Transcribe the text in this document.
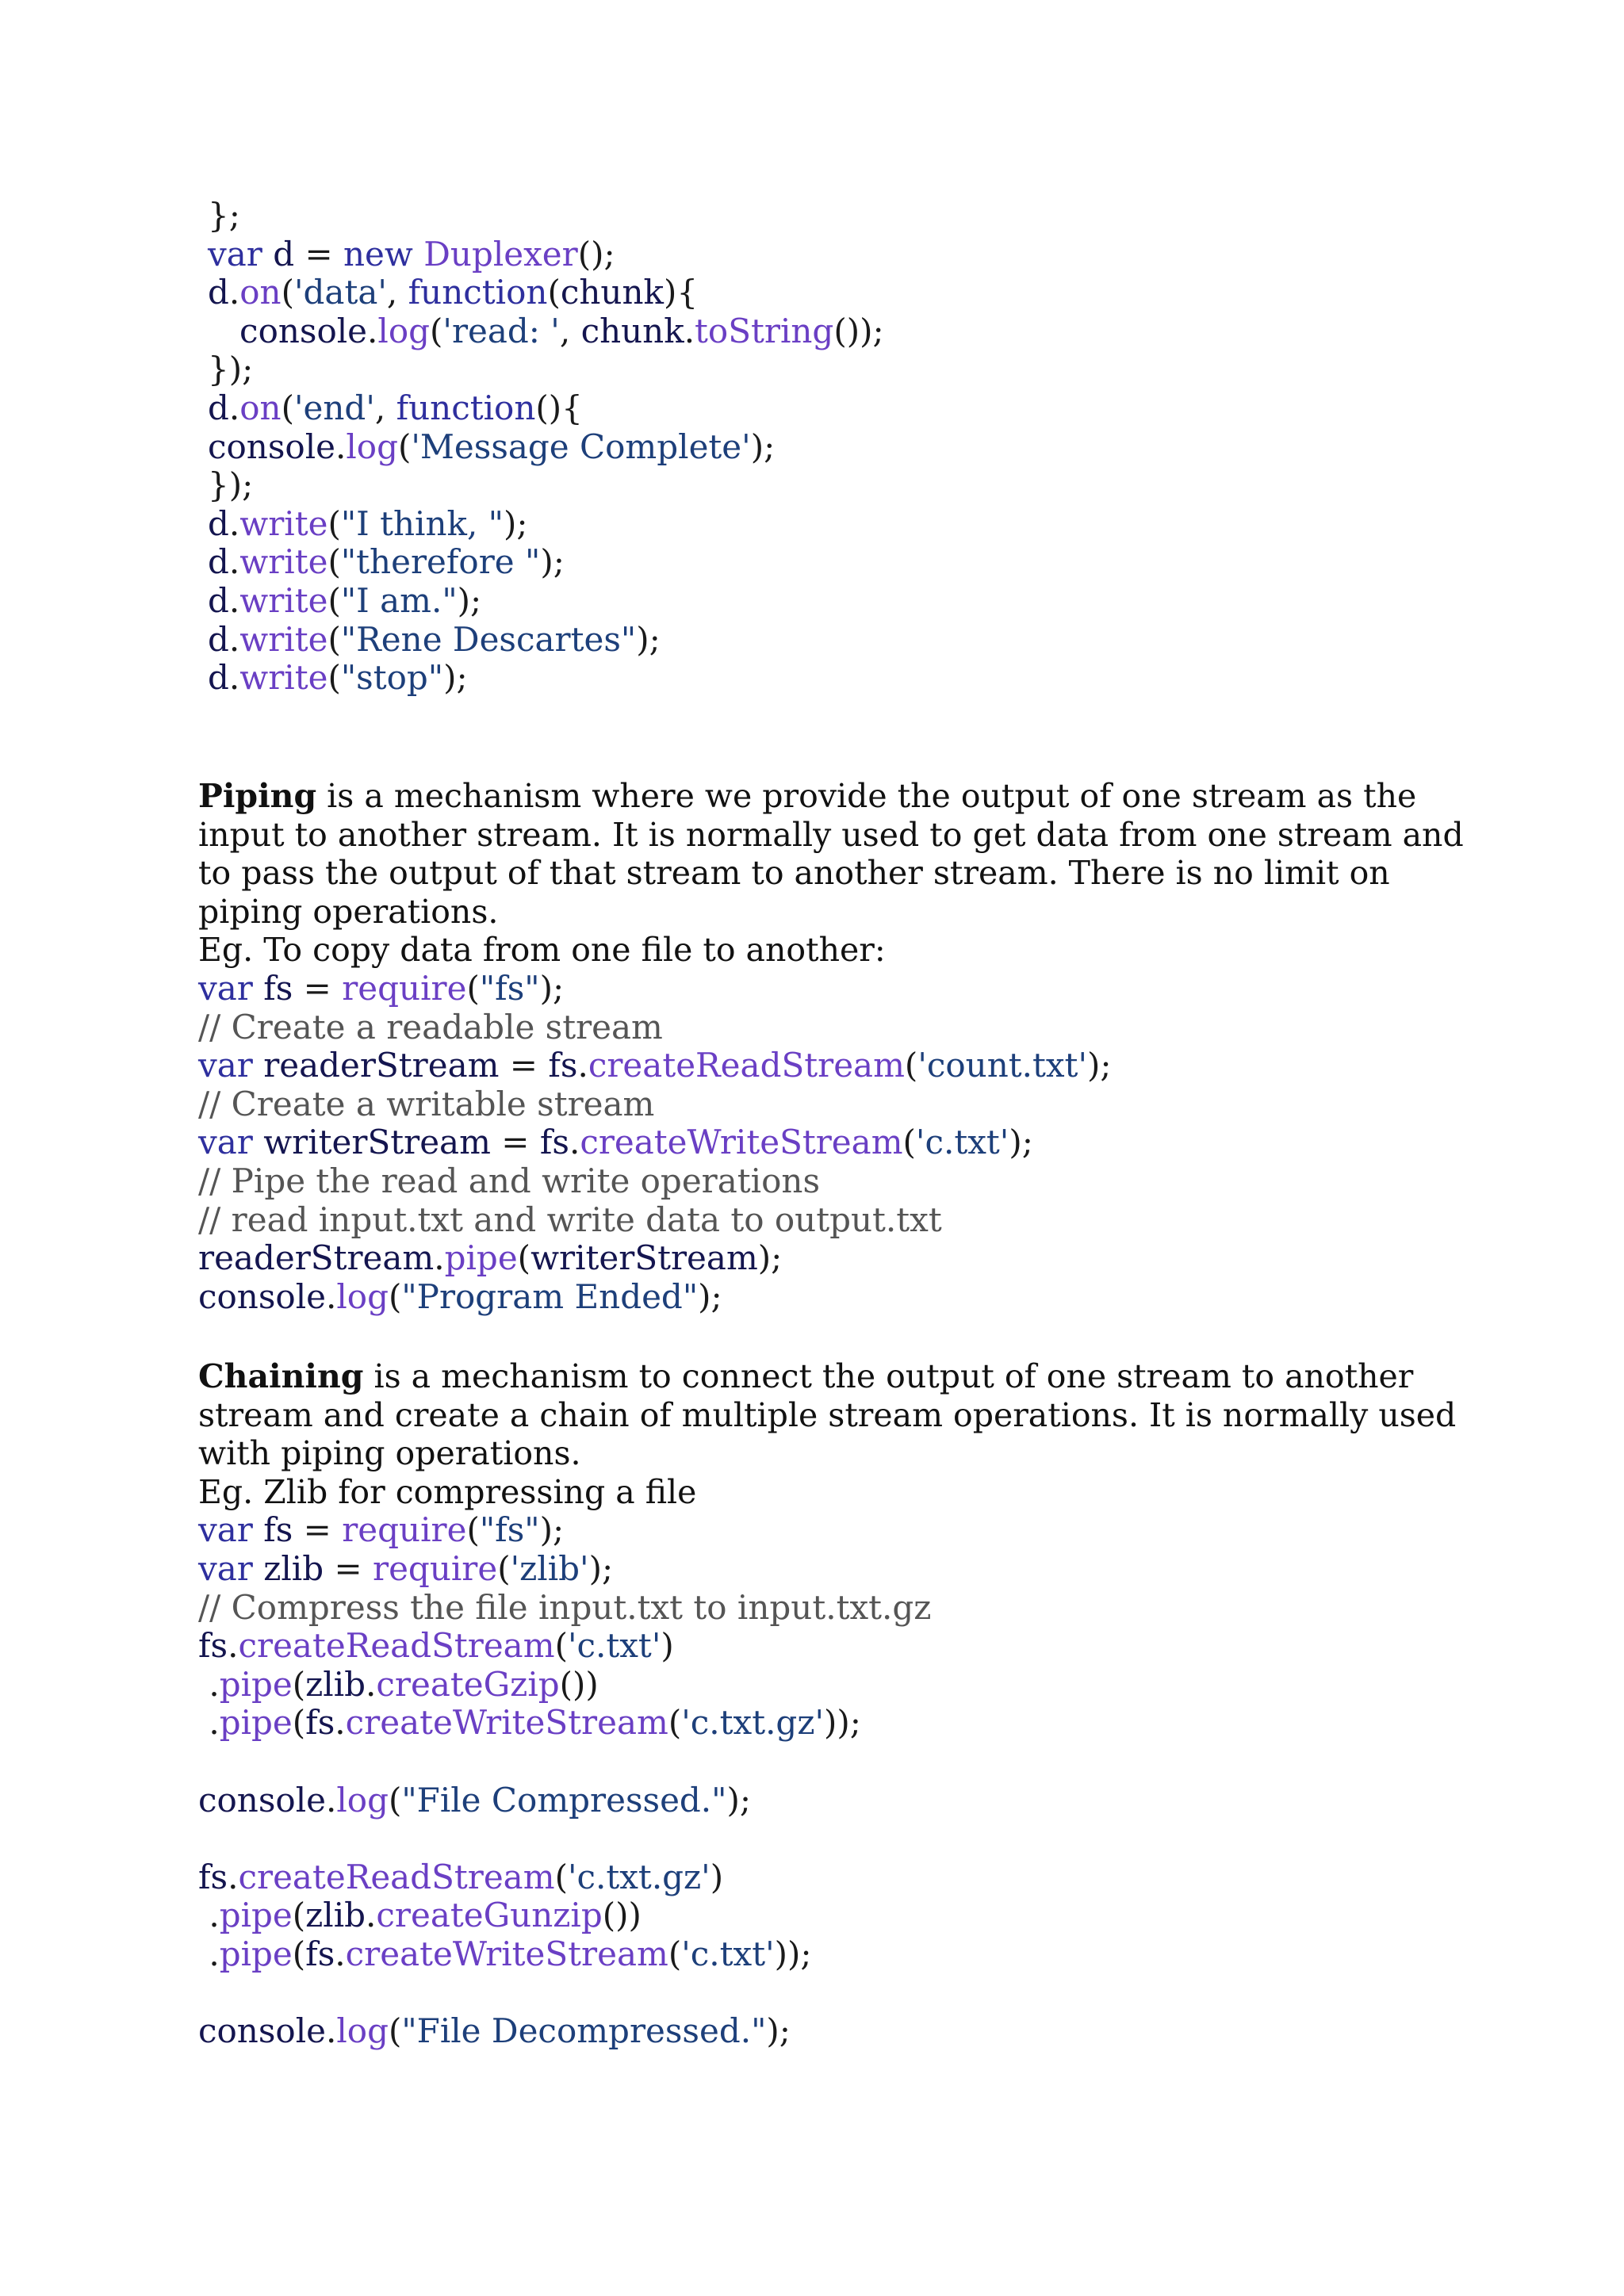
};
var d = new Duplexer();
d.on('data', function(chunk){
console.log('read: ', chunk.toString());
});
d.on('end', function(){
console.log('Message Complete');
});
d.write("I think, ");
d.write("therefore ");
d.write("I am.");
d.write("Rene Descartes");
d.write("stop");
Piping is a mechanism where we provide the output of one stream as the
input to another stream. It is normally used to get data from one stream and
to pass the output of that stream to another stream. There is no limit on
piping operations.
Eg. To copy data from one file to another:
var fs = require("fs");
// Create a readable stream
var readerStream = fs.createReadStream('count.txt');
// Create a writable stream
var writerStream = fs.createWriteStream('c.txt');
// Pipe the read and write operations
// read input.txt and write data to output.txt
readerStream.pipe(writerStream);
console.log("Program Ended");
Chaining is a mechanism to connect the output of one stream to another
stream and create a chain of multiple stream operations. It is normally used
with piping operations.
Eg. Zlib for compressing a file
var fs = require("fs");
var zlib = require('zlib');
// Compress the file input.txt to input.txt.gz
fs.createReadStream('c.txt')
.pipe(zlib.createGzip())
.pipe(fs.createWriteStream('c.txt.gz'));
console.log("File Compressed.");
fs.createReadStream('c.txt.gz')
.pipe(zlib.createGunzip())
.pipe(fs.createWriteStream('c.txt'));
console.log("File Decompressed.");
